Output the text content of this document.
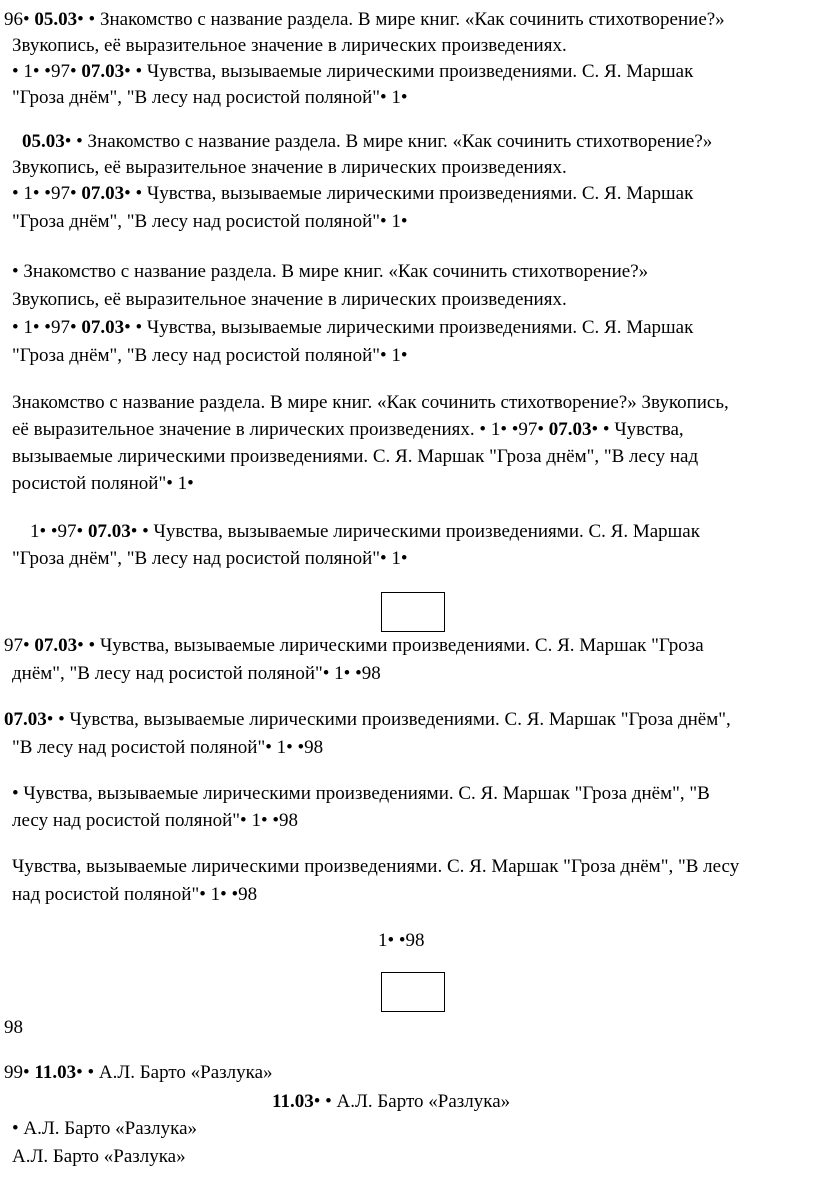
96• 05.03• • Знакомство с название раздела. В мире книг. «Как сочинить стихотворение?»
Звукопись, её выразительное значение в лирических произведениях.
• 1• •97• 07.03• • Чувства, вызываемые лирическими произведениями. С. Я. Маршак
"Гроза днём", "В лесу над росистой поляной"• 1•
05.03• • Знакомство с название раздела. В мире книг. «Как сочинить стихотворение?»
Звукопись, её выразительное значение в лирических произведениях.
• 1• •97• 07.03• • Чувства, вызываемые лирическими произведениями. С. Я. Маршак
"Гроза днём", "В лесу над росистой поляной"• 1•
• Знакомство с название раздела. В мире книг. «Как сочинить стихотворение?»
Звукопись, её выразительное значение в лирических произведениях.
• 1• •97• 07.03• • Чувства, вызываемые лирическими произведениями. С. Я. Маршак
"Гроза днём", "В лесу над росистой поляной"• 1•
Знакомство с название раздела. В мире книг. «Как сочинить стихотворение?» Звукопись,
её выразительное значение в лирических произведениях. • 1• •97• 07.03• • Чувства,
вызываемые лирическими произведениями. С. Я. Маршак "Гроза днём", "В лесу над
росистой поляной"• 1•
1• •97• 07.03• • Чувства, вызываемые лирическими произведениями. С. Я. Маршак
"Гроза днём", "В лесу над росистой поляной"• 1•
97• 07.03• • Чувства, вызываемые лирическими произведениями. С. Я. Маршак "Гроза
днём", "В лесу над росистой поляной"• 1• •98
07.03• • Чувства, вызываемые лирическими произведениями. С. Я. Маршак "Гроза днём",
"В лесу над росистой поляной"• 1• •98
• Чувства, вызываемые лирическими произведениями. С. Я. Маршак "Гроза днём", "В
лесу над росистой поляной"• 1• •98
Чувства, вызываемые лирическими произведениями. С. Я. Маршак "Гроза днём", "В лесу
над росистой поляной"• 1• •98
1• •98
98
99• 11.03• • А.Л. Барто «Разлука»
11.03• • А.Л. Барто «Разлука»
• А.Л. Барто «Разлука»
А.Л. Барто «Разлука»
